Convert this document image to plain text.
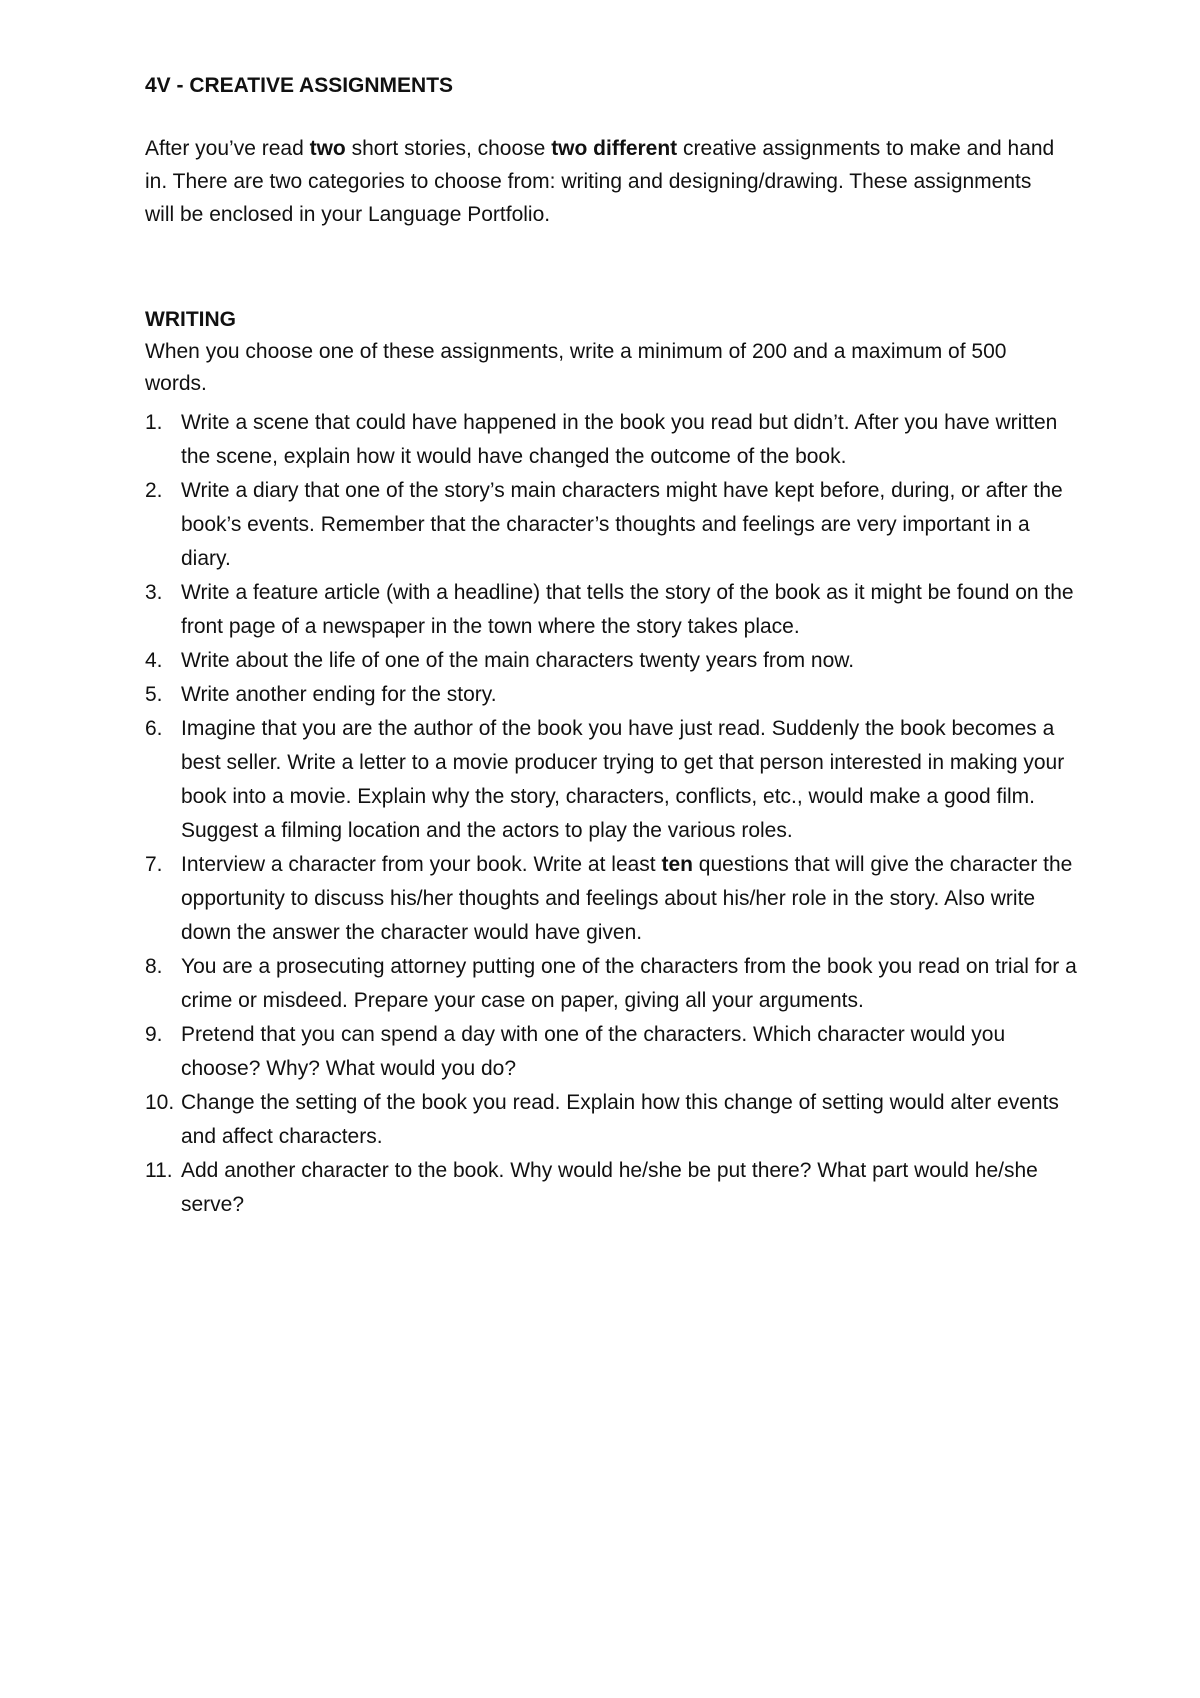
4V - CREATIVE ASSIGNMENTS

After you’ve read two short stories, choose two different creative assignments to make and hand in. There are two categories to choose from: writing and designing/drawing. These assignments will be enclosed in your Language Portfolio.

WRITING

When you choose one of these assignments, write a minimum of 200 and a maximum of 500 words.

1. Write a scene that could have happened in the book you read but didn’t. After you have written the scene, explain how it would have changed the outcome of the book.
2. Write a diary that one of the story’s main characters might have kept before, during, or after the book’s events. Remember that the character’s thoughts and feelings are very important in a diary.
3. Write a feature article (with a headline) that tells the story of the book as it might be found on the front page of a newspaper in the town where the story takes place.
4. Write about the life of one of the main characters twenty years from now.
5. Write another ending for the story.
6. Imagine that you are the author of the book you have just read. Suddenly the book becomes a best seller. Write a letter to a movie producer trying to get that person interested in making your book into a movie. Explain why the story, characters, conflicts, etc., would make a good film. Suggest a filming location and the actors to play the various roles.
7. Interview a character from your book. Write at least ten questions that will give the character the opportunity to discuss his/her thoughts and feelings about his/her role in the story. Also write down the answer the character would have given.
8. You are a prosecuting attorney putting one of the characters from the book you read on trial for a crime or misdeed. Prepare your case on paper, giving all your arguments.
9. Pretend that you can spend a day with one of the characters. Which character would you choose? Why? What would you do?
10. Change the setting of the book you read. Explain how this change of setting would alter events and affect characters.
11. Add another character to the book. Why would he/she be put there? What part would he/she serve?
